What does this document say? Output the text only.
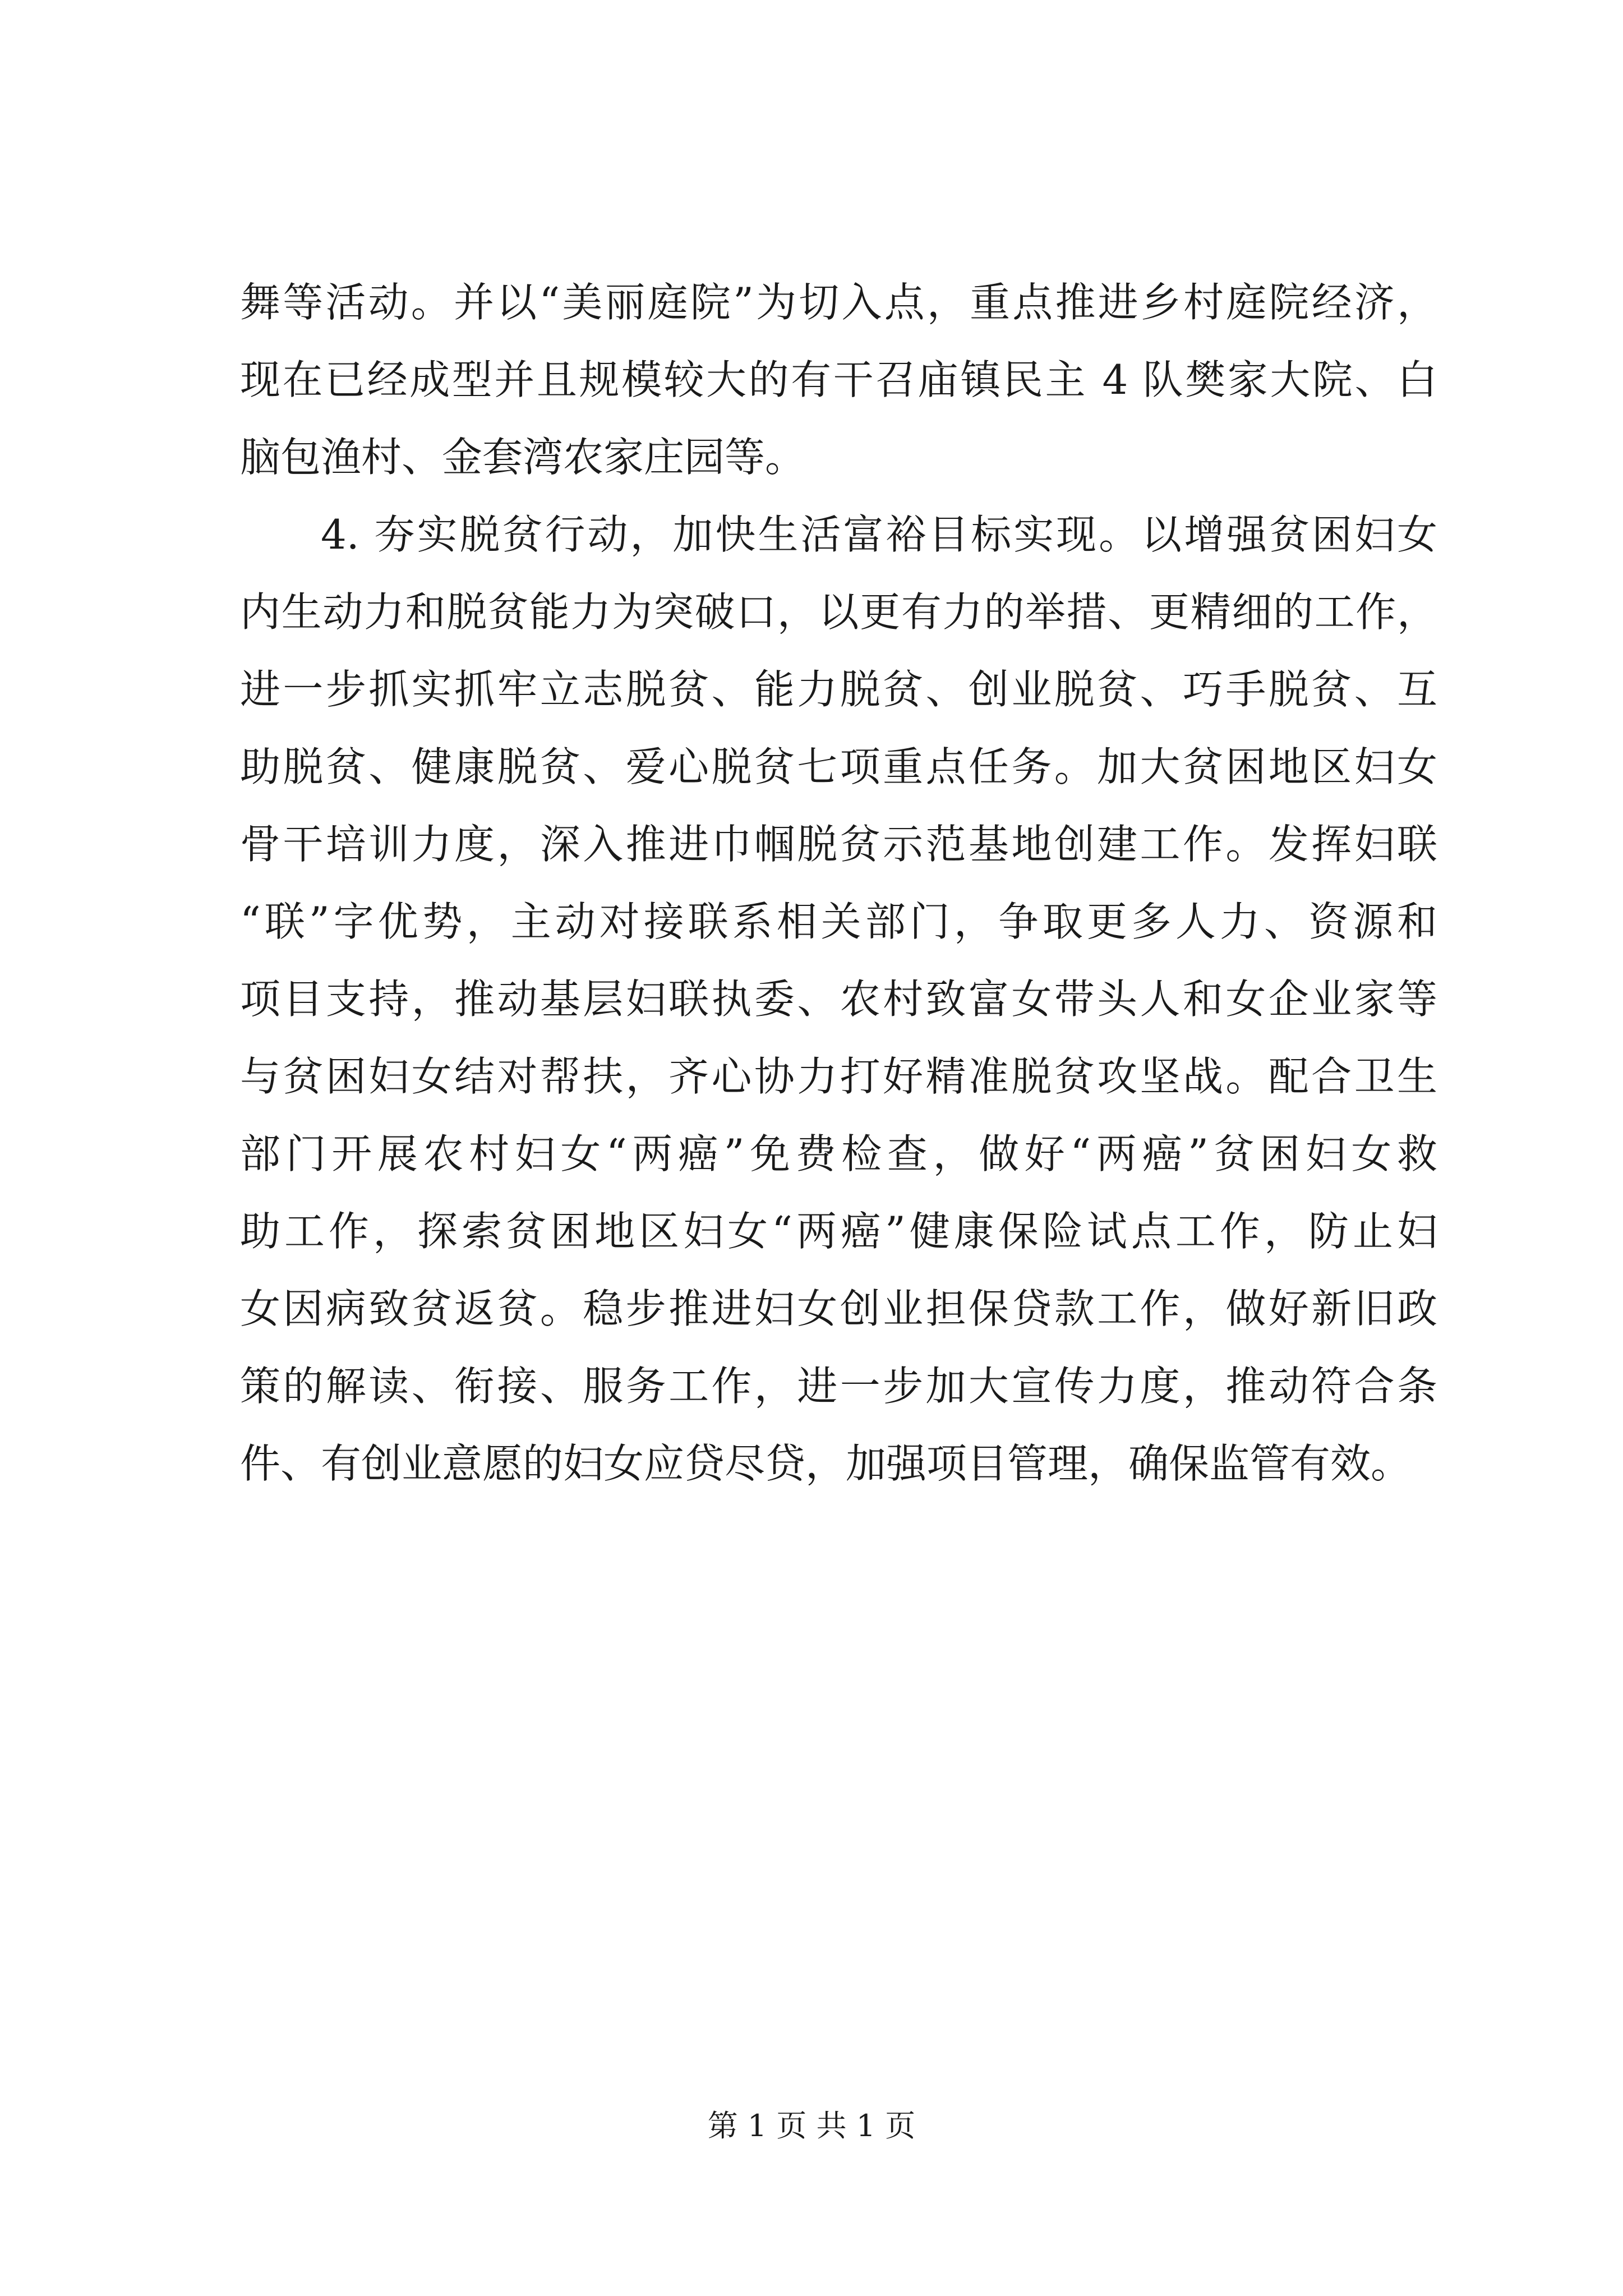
舞等活动。并以“美丽庭院”为切入点，重点推进乡村庭院经济，
现在已经成型并且规模较大的有干召庙镇民主 4 队樊家大院、白
脑包渔村、金套湾农家庄园等。
4. 夯实脱贫行动，加快生活富裕目标实现。以增强贫困妇女
内生动力和脱贫能力为突破口，以更有力的举措、更精细的工作，
进一步抓实抓牢立志脱贫、能力脱贫、创业脱贫、巧手脱贫、互
助脱贫、健康脱贫、爱心脱贫七项重点任务。加大贫困地区妇女
骨干培训力度，深入推进巾帼脱贫示范基地创建工作。发挥妇联
“联”字优势，主动对接联系相关部门，争取更多人力、资源和
项目支持，推动基层妇联执委、农村致富女带头人和女企业家等
与贫困妇女结对帮扶，齐心协力打好精准脱贫攻坚战。配合卫生
部门开展农村妇女“两癌”免费检查，做好“两癌”贫困妇女救
助工作，探索贫困地区妇女“两癌”健康保险试点工作，防止妇
女因病致贫返贫。稳步推进妇女创业担保贷款工作，做好新旧政
策的解读、衔接、服务工作，进一步加大宣传力度，推动符合条
件、有创业意愿的妇女应贷尽贷，加强项目管理，确保监管有效。
第 1 页 共 1 页
